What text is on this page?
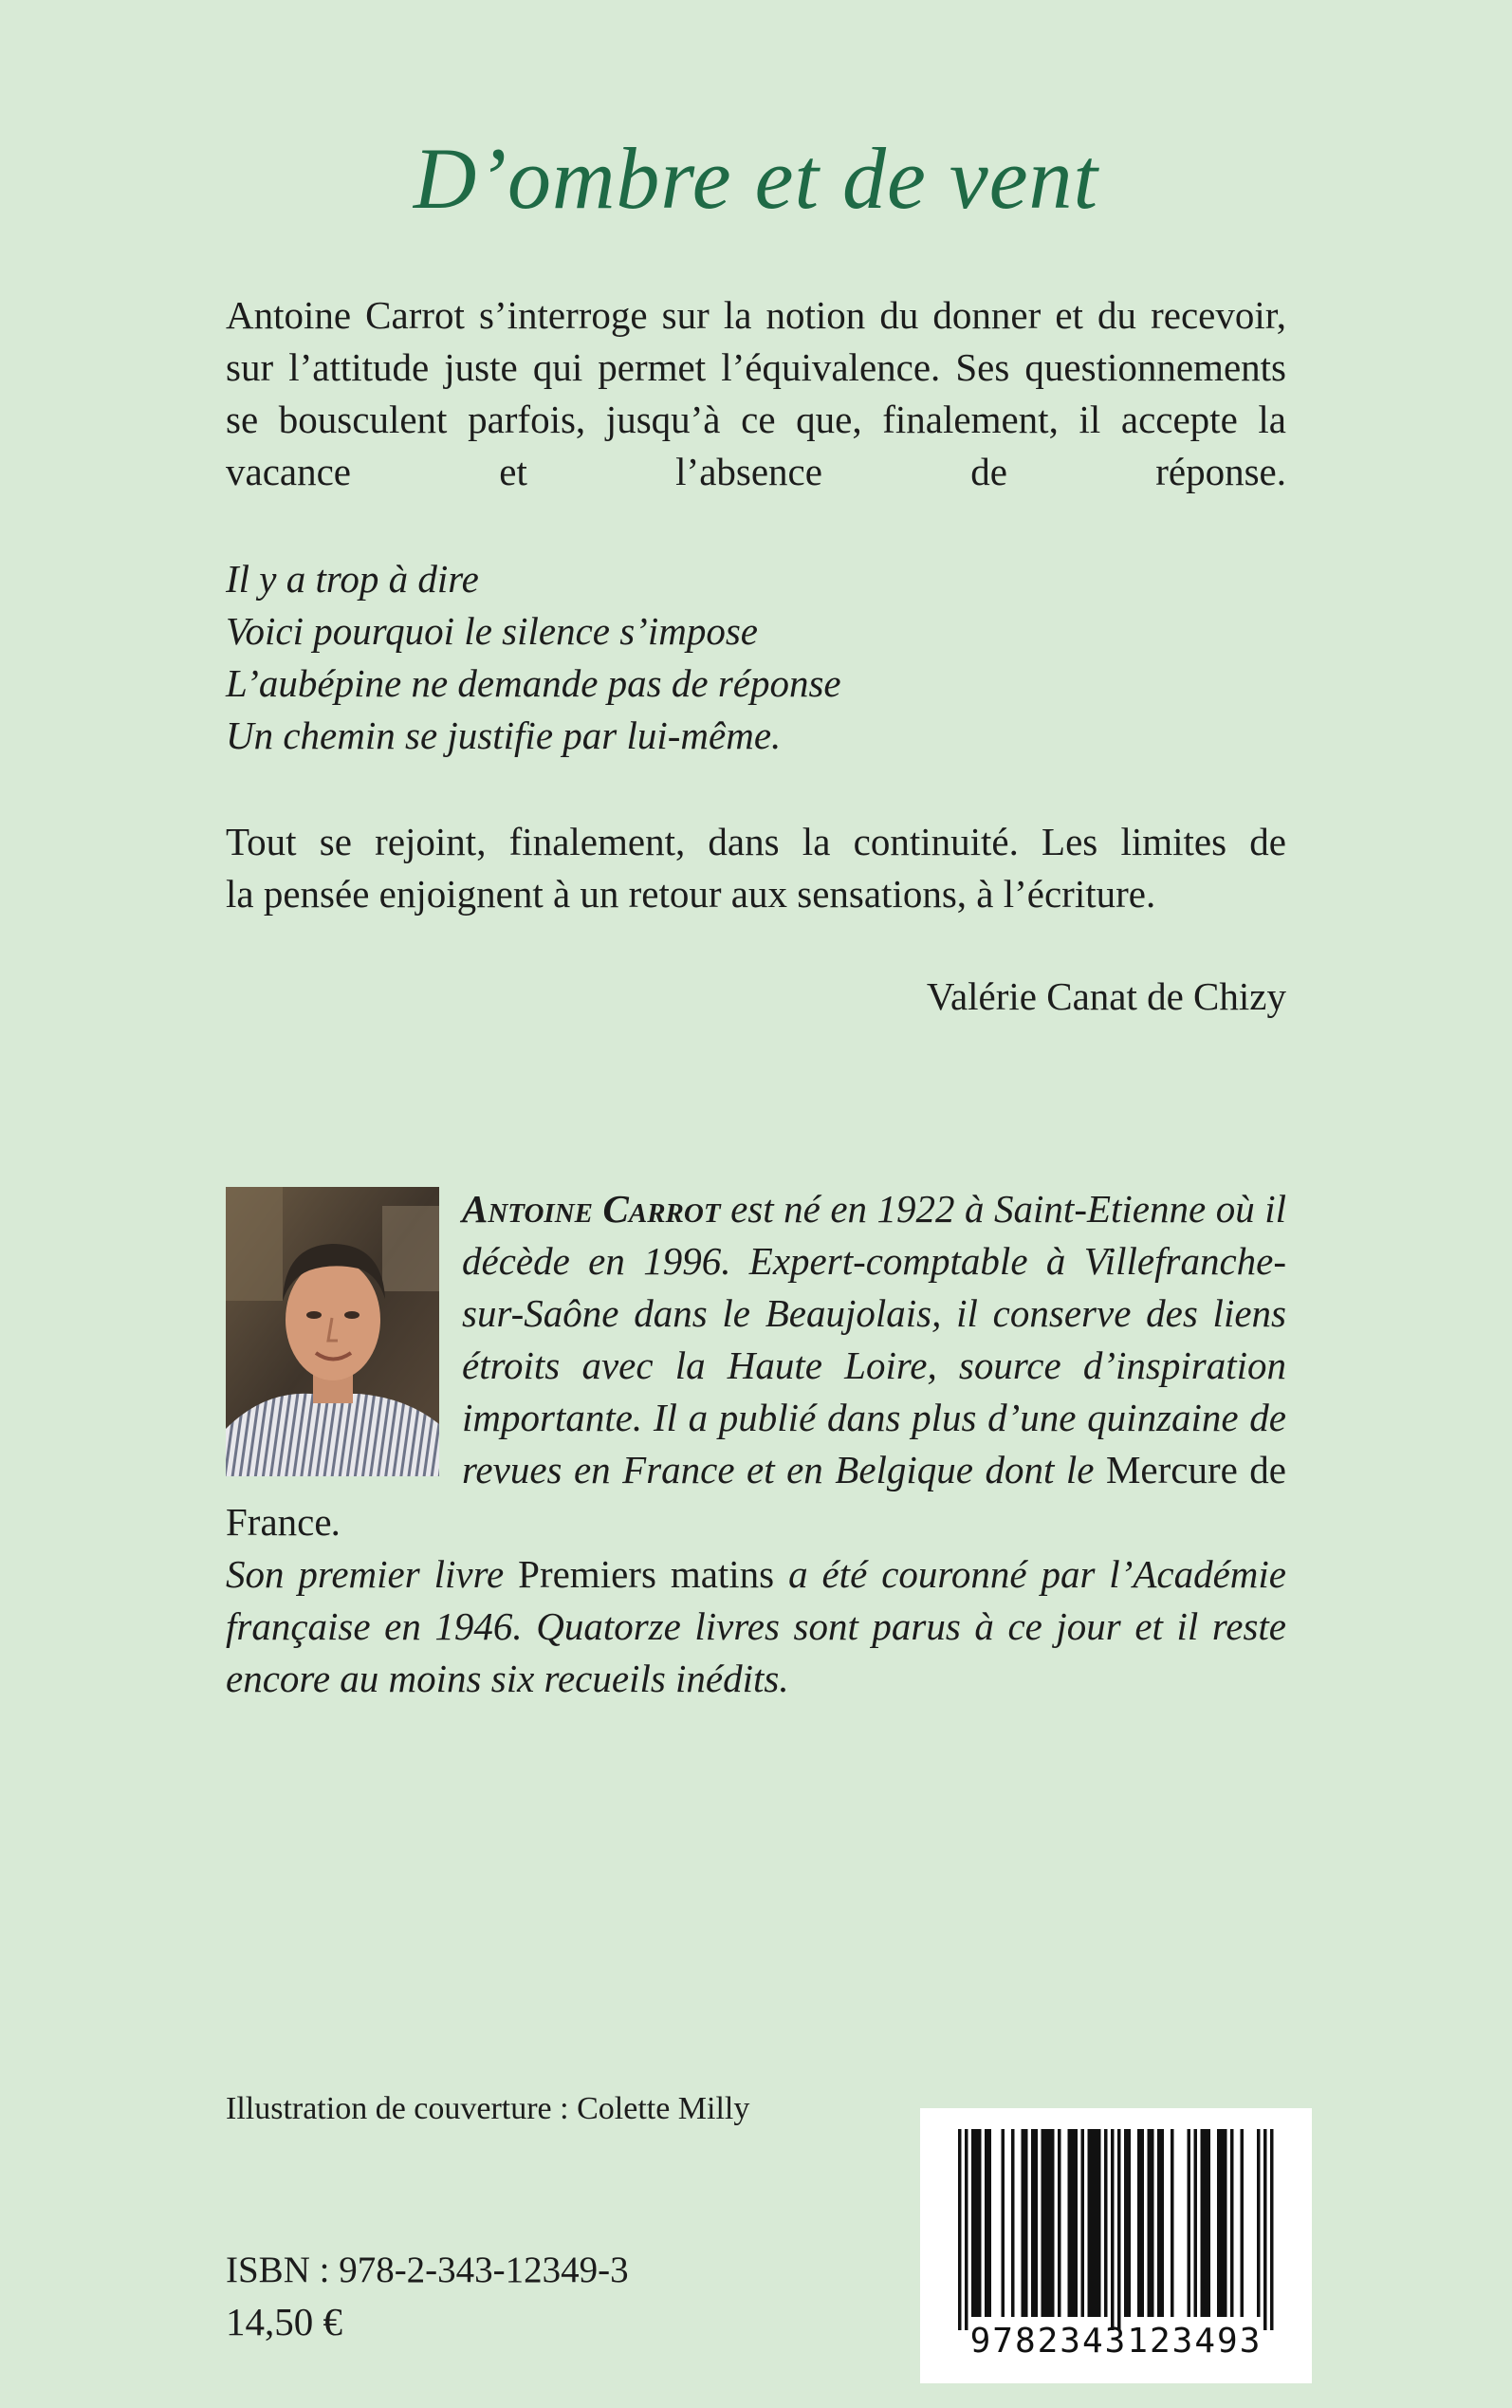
D’ombre et de vent
Antoine Carrot s’interroge sur la notion du donner et du recevoir, sur l’attitude juste qui permet l’équivalence. Ses questionnements se bousculent parfois, jusqu’à ce que, finalement, il accepte la vacance et l’absence de réponse.
Il y a trop à dire
Voici pourquoi le silence s’impose
L’aubépine ne demande pas de réponse
Un chemin se justifie par lui-même.
Tout se rejoint, finalement, dans la continuité. Les limites de
la pensée enjoignent à un retour aux sensations, à l’écriture.
Valérie Canat de Chizy
Antoine Carrot est né en 1922 à Saint-Etienne où il décède en 1996. Expert-comptable à Villefranche-sur-Saône dans le Beaujolais, il conserve des liens étroits avec la Haute Loire, source d’inspiration importante. Il a publié dans plus d’une quinzaine de revues en France et en Belgique dont le Mercure de France.
Son premier livre Premiers matins a été couronné par l’Académie française en 1946. Quatorze livres sont parus à ce jour et il reste encore au moins six recueils inédits.
Illustration de couverture : Colette Milly
9782343123493
ISBN : 978-2-343-12349-3
14,50 €
